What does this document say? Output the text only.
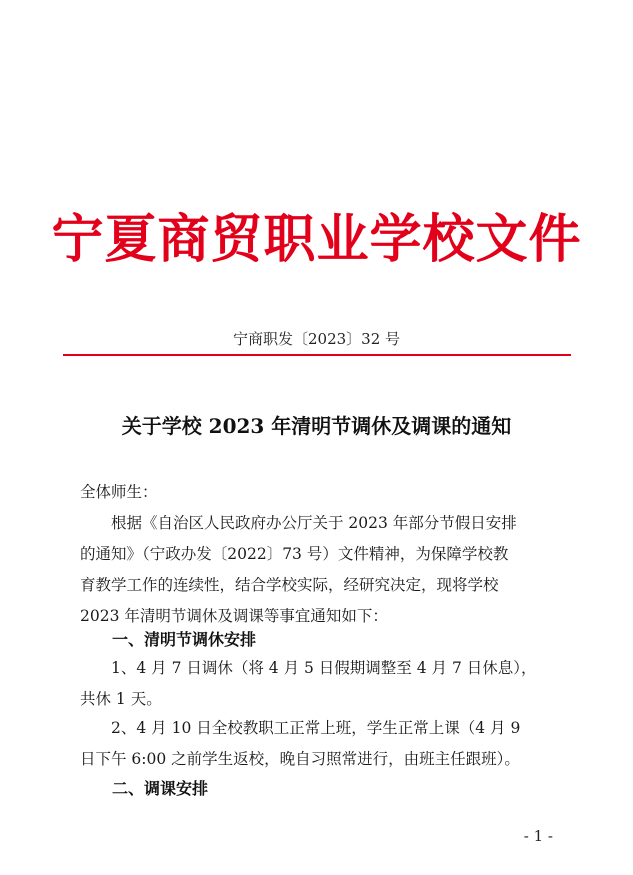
宁夏商贸职业学校文件
宁商职发〔2023〕32 号
关于学校 2023 年清明节调休及调课的通知
全体师生：
　　根据《自治区人民政府办公厅关于 2023 年部分节假日安排
的通知》（宁政办发〔2022〕73 号）文件精神，为保障学校教
育教学工作的连续性，结合学校实际，经研究决定，现将学校
2023 年清明节调休及调课等事宜通知如下：
一、清明节调休安排
　　1、4 月 7 日调休（将 4 月 5 日假期调整至 4 月 7 日休息），
共休 1 天。
　　2、4 月 10 日全校教职工正常上班，学生正常上课（4 月 9
日下午 6:00 之前学生返校，晚自习照常进行，由班主任跟班）。
二、调课安排
- 1 -
